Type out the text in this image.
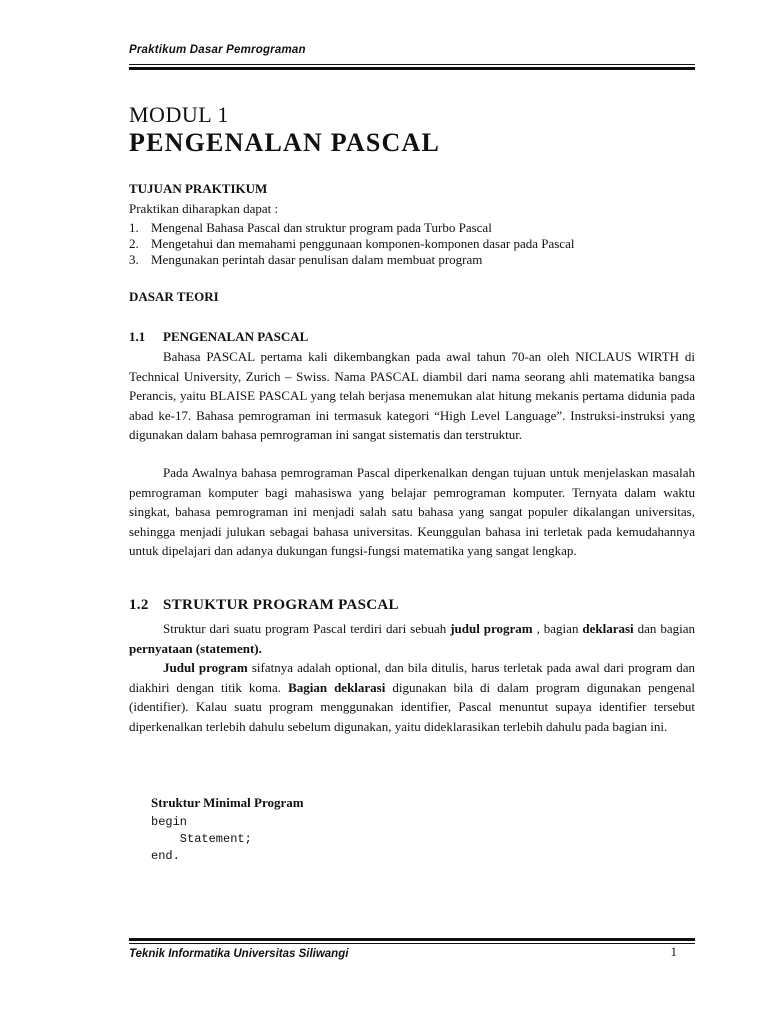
Praktikum Dasar Pemrograman
MODUL 1
PENGENALAN PASCAL
TUJUAN PRAKTIKUM
Praktikan diharapkan dapat :
1. Mengenal Bahasa Pascal dan struktur program pada Turbo Pascal
2. Mengetahui dan memahami penggunaan komponen-komponen dasar pada Pascal
3. Mengunakan perintah dasar penulisan dalam membuat program
DASAR TEORI
1.1 PENGENALAN PASCAL

Bahasa PASCAL pertama kali dikembangkan pada awal tahun 70-an oleh NICLAUS WIRTH di Technical University, Zurich – Swiss. Nama PASCAL diambil dari nama seorang ahli matematika bangsa Perancis, yaitu BLAISE PASCAL yang telah berjasa menemukan alat hitung mekanis pertama didunia pada abad ke-17. Bahasa pemrograman ini termasuk kategori “High Level Language”. Instruksi-instruksi yang digunakan dalam bahasa pemrograman ini sangat sistematis dan terstruktur.

Pada Awalnya bahasa pemrograman Pascal diperkenalkan dengan tujuan untuk menjelaskan masalah pemrograman komputer bagi mahasiswa yang belajar pemrograman komputer. Ternyata dalam waktu singkat, bahasa pemrograman ini menjadi salah satu bahasa yang sangat populer dikalangan universitas, sehingga menjadi julukan sebagai bahasa universitas. Keunggulan bahasa ini terletak pada kemudahannya untuk dipelajari dan adanya dukungan fungsi-fungsi matematika yang sangat lengkap.

1.2 STRUKTUR PROGRAM PASCAL

Struktur dari suatu program Pascal terdiri dari sebuah judul program , bagian deklarasi dan bagian pernyataan (statement).

Judul program sifatnya adalah optional, dan bila ditulis, harus terletak pada awal dari program dan diakhiri dengan titik koma. Bagian deklarasi digunakan bila di dalam program digunakan pengenal (identifier). Kalau suatu program menggunakan identifier, Pascal menuntut supaya identifier tersebut diperkenalkan terlebih dahulu sebelum digunakan, yaitu dideklarasikan terlebih dahulu pada bagian ini.

Struktur Minimal Program
begin
Statement;
end.
Teknik Informatika Universitas Siliwangi	1
